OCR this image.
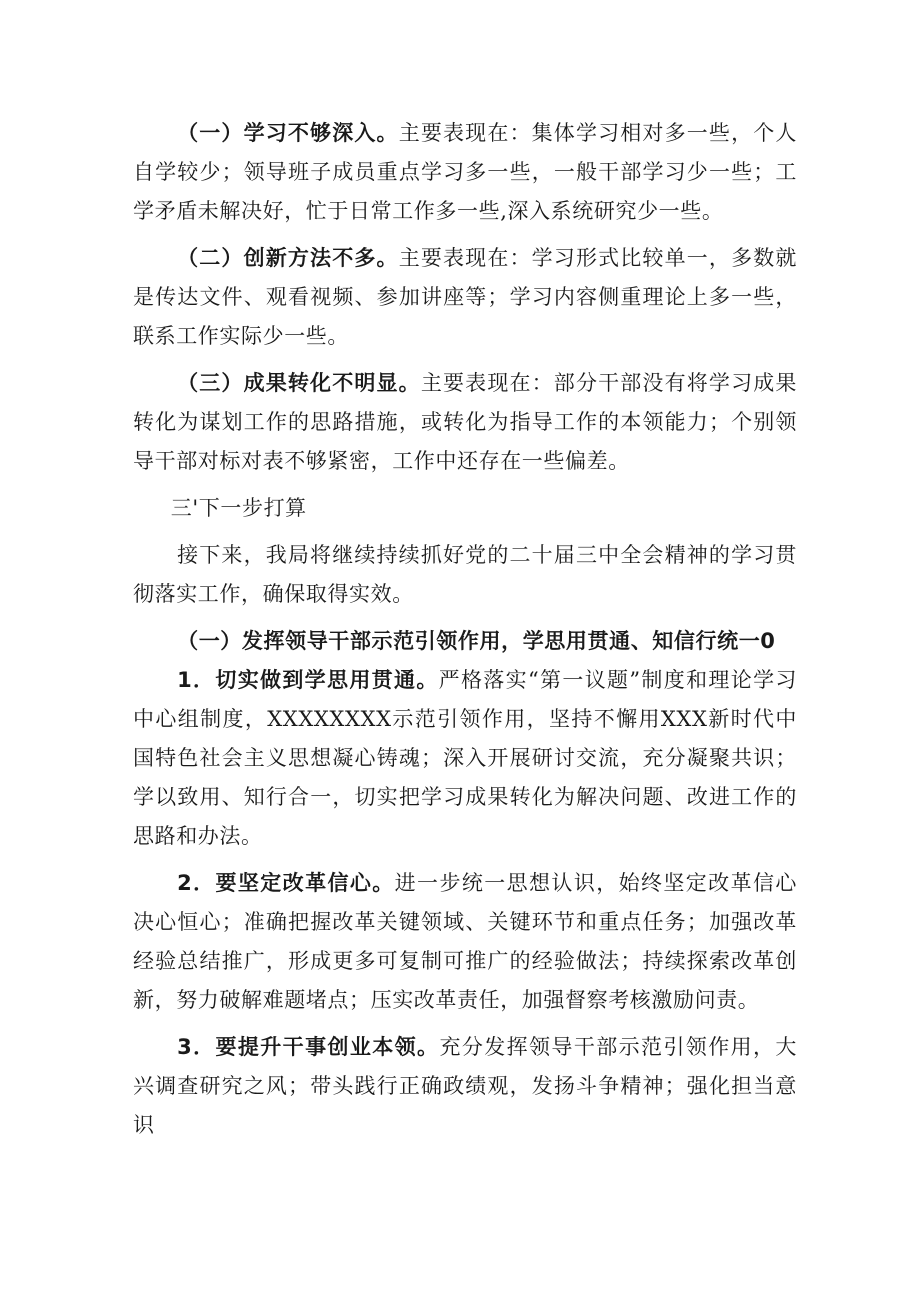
（一）学习不够深入。主要表现在：集体学习相对多一些，个人自学较少；领导班子成员重点学习多一些，一般干部学习少一些；工学矛盾未解决好，忙于日常工作多一些,深入系统研究少一些。

（二）创新方法不多。主要表现在：学习形式比较单一，多数就是传达文件、观看视频、参加讲座等；学习内容侧重理论上多一些，联系工作实际少一些。

（三）成果转化不明显。主要表现在：部分干部没有将学习成果转化为谋划工作的思路措施，或转化为指导工作的本领能力；个别领导干部对标对表不够紧密，工作中还存在一些偏差。

三'下一步打算

接下来，我局将继续持续抓好党的二十届三中全会精神的学习贯彻落实工作，确保取得实效。

（一）发挥领导干部示范引领作用，学思用贯通、知信行统一0

1．切实做到学思用贯通。严格落实“第一议题”制度和理论学习中心组制度，XXXXXXXX示范引领作用，坚持不懈用XXX新时代中国特色社会主义思想凝心铸魂；深入开展研讨交流，充分凝聚共识；学以致用、知行合一，切实把学习成果转化为解决问题、改进工作的思路和办法。

2．要坚定改革信心。进一步统一思想认识，始终坚定改革信心决心恒心；准确把握改革关键领域、关键环节和重点任务；加强改革经验总结推广，形成更多可复制可推广的经验做法；持续探索改革创新，努力破解难题堵点；压实改革责任，加强督察考核激励问责。

3．要提升干事创业本领。充分发挥领导干部示范引领作用，大兴调查研究之风；带头践行正确政绩观，发扬斗争精神；强化担当意识
